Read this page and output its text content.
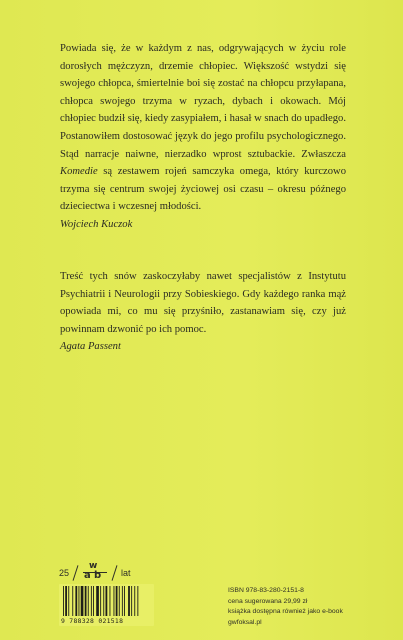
Powiada się, że w każdym z nas, odgrywających w życiu role dorosłych mężczyzn, drzemie chłopiec. Większość wstydzi się swojego chłopca, śmiertelnie boi się zostać na chłopcu przyłapana, chłopca swojego trzyma w ryzach, dybach i okowach. Mój chłopiec budził się, kiedy zasypiałem, i hasał w snach do upadłego. Postanowiłem dostosować język do jego profilu psychologicznego. Stąd narracje naiwne, nierzadko wprost sztubackie. Zwłaszcza Komedie są zestawem rojeń samczyka omega, który kurczowo trzyma się centrum swojej życiowej osi czasu – okresu późnego dzieciectwa i wczesnej młodości.

Wojciech Kuczok

Treść tych snów zaskoczyłaby nawet specjalistów z Instytutu Psychiatrii i Neurologii przy Sobieskiego. Gdy każdego ranka mąż opowiada mi, co mu się przyśniło, zastanawiam się, czy już powinnam dzwonić po ich pomoc.

Agata Passent

25
w
a b lat
9 788328 021518
ISBN 978-83-280-2151-8
cena sugerowana 29,99 zł
książka dostępna również jako e-book
gwfoksal.pl
